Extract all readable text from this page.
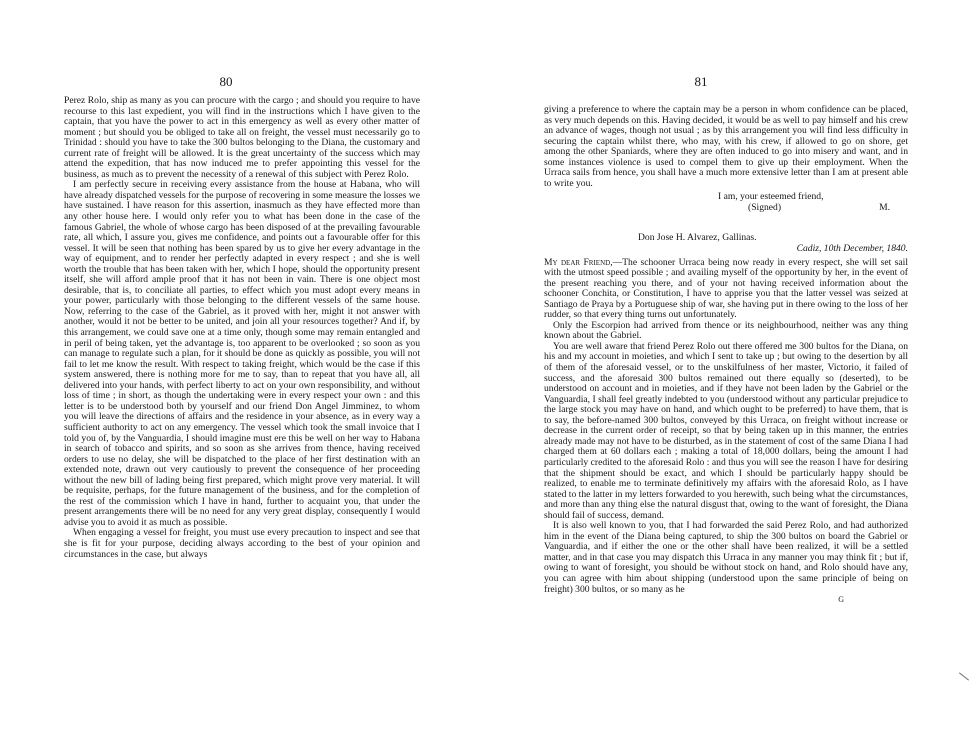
80

Perez Rolo, ship as many as you can procure with the cargo ; and should you require to have recourse to this last expedient, you will find in the instructions which I have given to the captain, that you have the power to act in this emergency as well as every other matter of moment ; but should you be obliged to take all on freight, the vessel must necessarily go to Trinidad : should you have to take the 300 bultos belonging to the Diana, the customary and current rate of freight will be allowed. It is the great uncertainty of the success which may attend the expedition, that has now induced me to prefer appointing this vessel for the business, as much as to prevent the necessity of a renewal of this subject with Perez Rolo.

I am perfectly secure in receiving every assistance from the house at Habana, who will have already dispatched vessels for the purpose of recovering in some measure the losses we have sustained. I have reason for this assertion, inasmuch as they have effected more than any other house here. I would only refer you to what has been done in the case of the famous Gabriel, the whole of whose cargo has been disposed of at the prevailing favourable rate, all which, I assure you, gives me confidence, and points out a favourable offer for this vessel. It will be seen that nothing has been spared by us to give her every advantage in the way of equipment, and to render her perfectly adapted in every respect ; and she is well worth the trouble that has been taken with her, which I hope, should the opportunity present itself, she will afford ample proof that it has not been in vain. There is one object most desirable, that is, to conciliate all parties, to effect which you must adopt every means in your power, particularly with those belonging to the different vessels of the same house. Now, referring to the case of the Gabriel, as it proved with her, might it not answer with another, would it not be better to be united, and join all your resources together? And if, by this arrangement, we could save one at a time only, though some may remain entangled and in peril of being taken, yet the advantage is, too apparent to be overlooked ; so soon as you can manage to regulate such a plan, for it should be done as quickly as possible, you will not fail to let me know the result. With respect to taking freight, which would be the case if this system answered, there is nothing more for me to say, than to repeat that you have all, all delivered into your hands, with perfect liberty to act on your own responsibility, and without loss of time ; in short, as though the undertaking were in every respect your own : and this letter is to be understood both by yourself and our friend Don Angel Jimminez, to whom you will leave the directions of affairs and the residence in your absence, as in every way a sufficient authority to act on any emergency. The vessel which took the small invoice that I told you of, by the Vanguardia, I should imagine must ere this be well on her way to Habana in search of tobacco and spirits, and so soon as she arrives from thence, having received orders to use no delay, she will be dispatched to the place of her first destination with an extended note, drawn out very cautiously to prevent the consequence of her proceeding without the new bill of lading being first prepared, which might prove very material. It will be requisite, perhaps, for the future management of the business, and for the completion of the rest of the commission which I have in hand, further to acquaint you, that under the present arrangements there will be no need for any very great display, consequently I would advise you to avoid it as much as possible.

When engaging a vessel for freight, you must use every precaution to inspect and see that she is fit for your purpose, deciding always according to the best of your opinion and circumstances in the case, but always

81

giving a preference to where the captain may be a person in whom confidence can be placed, as very much depends on this. Having decided, it would be as well to pay himself and his crew an advance of wages, though not usual ; as by this arrangement you will find less difficulty in securing the captain whilst there, who may, with his crew, if allowed to go on shore, get among the other Spaniards, where they are often induced to go into misery and want, and in some instances violence is used to compel them to give up their employment. When the Urraca sails from hence, you shall have a much more extensive letter than I am at present able to write you.

I am, your esteemed friend,
(Signed)	M.
Don Jose H. Alvarez, Gallinas.
Cadiz, 10th December, 1840.

My dear Friend,—The schooner Urraca being now ready in every respect, she will set sail with the utmost speed possible ; and availing myself of the opportunity by her, in the event of the present reaching you there, and of your not having received information about the schooner Conchita, or Constitution, I have to apprise you that the latter vessel was seized at Santiago de Praya by a Portuguese ship of war, she having put in there owing to the loss of her rudder, so that every thing turns out unfortunately.

Only the Escorpion had arrived from thence or its neighbourhood, neither was any thing known about the Gabriel.

You are well aware that friend Perez Rolo out there offered me 300 bultos for the Diana, on his and my account in moieties, and which I sent to take up ; but owing to the desertion by all of them of the aforesaid vessel, or to the unskilfulness of her master, Victorio, it failed of success, and the aforesaid 300 bultos remained out there equally so (deserted), to be understood on account and in moieties, and if they have not been laden by the Gabriel or the Vanguardia, I shall feel greatly indebted to you (understood without any particular prejudice to the large stock you may have on hand, and which ought to be preferred) to have them, that is to say, the before-named 300 bultos, conveyed by this Urraca, on freight without increase or decrease in the current order of receipt, so that by being taken up in this manner, the entries already made may not have to be disturbed, as in the statement of cost of the same Diana I had charged them at 60 dollars each ; making a total of 18,000 dollars, being the amount I had particularly credited to the aforesaid Rolo : and thus you will see the reason I have for desiring that the shipment should be exact, and which I should be particularly happy should be realized, to enable me to terminate definitively my affairs with the aforesaid Rolo, as I have stated to the latter in my letters forwarded to you herewith, such being what the circumstances, and more than any thing else the natural disgust that, owing to the want of foresight, the Diana should fail of success, demand.

It is also well known to you, that I had forwarded the said Perez Rolo, and had authorized him in the event of the Diana being captured, to ship the 300 bultos on board the Gabriel or Vanguardia, and if either the one or the other shall have been realized, it will be a settled matter, and in that case you may dispatch this Urraca in any manner you may think fit ; but if, owing to want of foresight, you should be without stock on hand, and Rolo should have any, you can agree with him about shipping (understood upon the same principle of being on freight) 300 bultos, or so many as he

G
